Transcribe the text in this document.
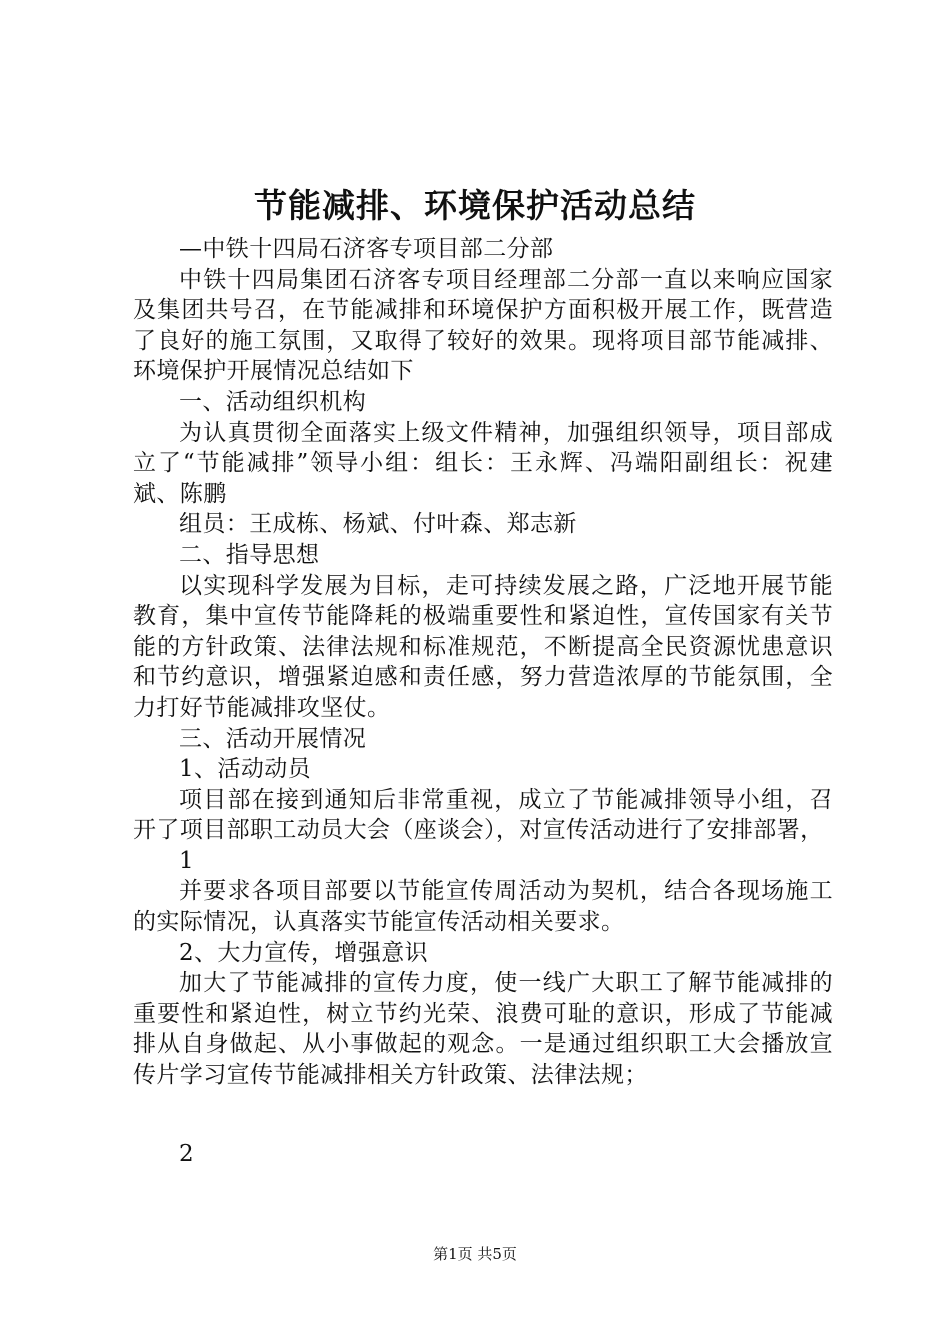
节能减排、环境保护活动总结

—中铁十四局石济客专项目部二分部

中铁十四局集团石济客专项目经理部二分部一直以来响应国家及集团共号召，在节能减排和环境保护方面积极开展工作，既营造了良好的施工氛围，又取得了较好的效果。现将项目部节能减排、环境保护开展情况总结如下

一、活动组织机构

为认真贯彻全面落实上级文件精神，加强组织领导，项目部成立了“节能减排”领导小组：组长：王永辉、冯端阳副组长：祝建斌、陈鹏

组员：王成栋、杨斌、付叶森、郑志新

二、指导思想

以实现科学发展为目标，走可持续发展之路，广泛地开展节能教育，集中宣传节能降耗的极端重要性和紧迫性，宣传国家有关节能的方针政策、法律法规和标准规范，不断提高全民资源忧患意识和节约意识，增强紧迫感和责任感，努力营造浓厚的节能氛围，全力打好节能减排攻坚仗。

三、活动开展情况

1、活动动员

项目部在接到通知后非常重视，成立了节能减排领导小组，召开了项目部职工动员大会（座谈会），对宣传活动进行了安排部署，

1

并要求各项目部要以节能宣传周活动为契机，结合各现场施工的实际情况，认真落实节能宣传活动相关要求。

2、大力宣传，增强意识

加大了节能减排的宣传力度，使一线广大职工了解节能减排的重要性和紧迫性，树立节约光荣、浪费可耻的意识，形成了节能减排从自身做起、从小事做起的观念。一是通过组织职工大会播放宣传片学习宣传节能减排相关方针政策、法律法规；

2

第1页 共5页
